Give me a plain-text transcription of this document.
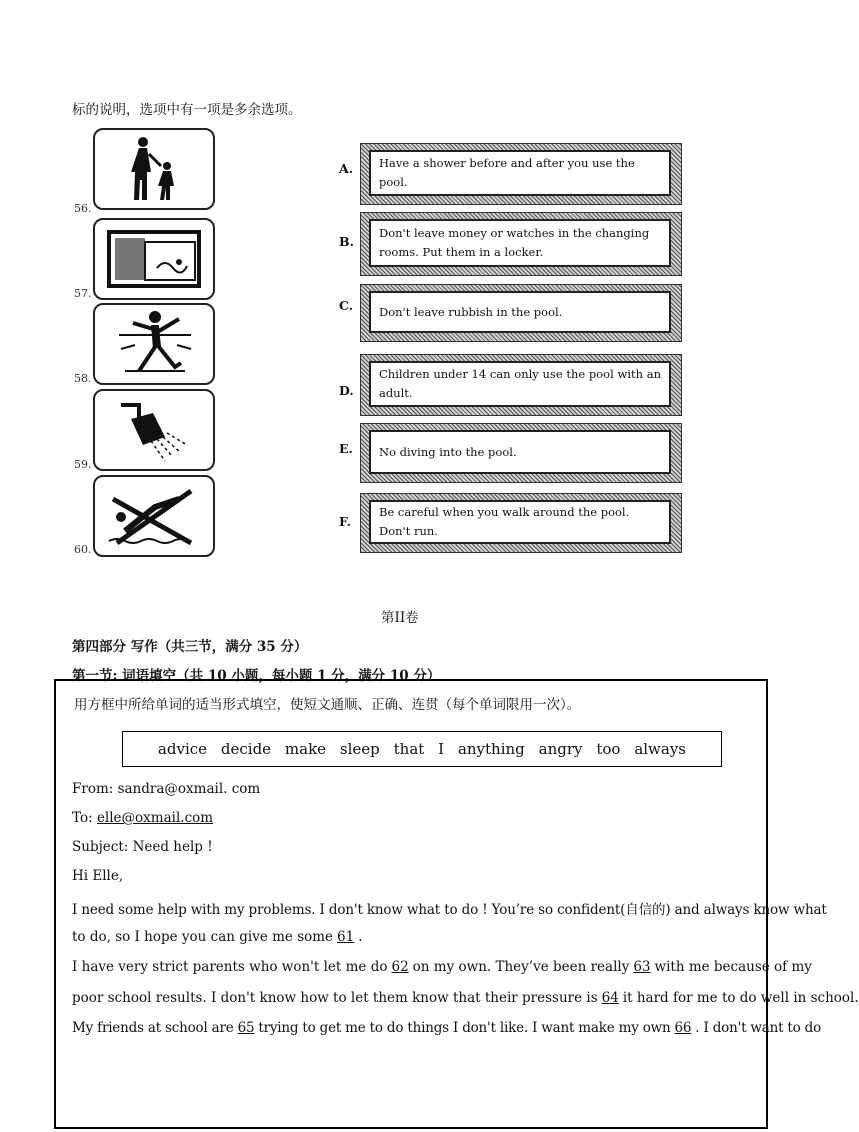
标的说明，选项中有一项是多余选项。
56.
57.
58.
59.
60.
A.	Have a shower before and after you use the pool.
B.
Don't leave money or watches in the changing rooms. Put them in a locker.
C.	Don't leave rubbish in the pool.
D.
Children under 14 can only use the pool with an adult.
E.	No diving into the pool.
F.
Be careful when you walk around the pool. Don't run.
第II卷
第四部分 写作（共三节，满分 35 分）
第一节: 词语填空（共 10 小题，每小题 1 分，满分 10 分）
用方框中所给单词的适当形式填空，使短文通顺、正确、连贯（每个单词限用一次）。
advice decide make sleep that I anything angry too always
From: sandra@oxmail. com
To: elle@oxmail.com
Subject: Need help !
Hi Elle,
I need some help with my problems. I don't know what to do ! You’re so confident(自信的) and always know what
to do, so I hope you can give me some 61 .
I have very strict parents who won't let me do 62 on my own. They’ve been really 63 with me because of my
poor school results. I don't know how to let them know that their pressure is 64 it hard for me to do well in school.
My friends at school are 65 trying to get me to do things I don't like. I want make my own 66 . I don't want to do
